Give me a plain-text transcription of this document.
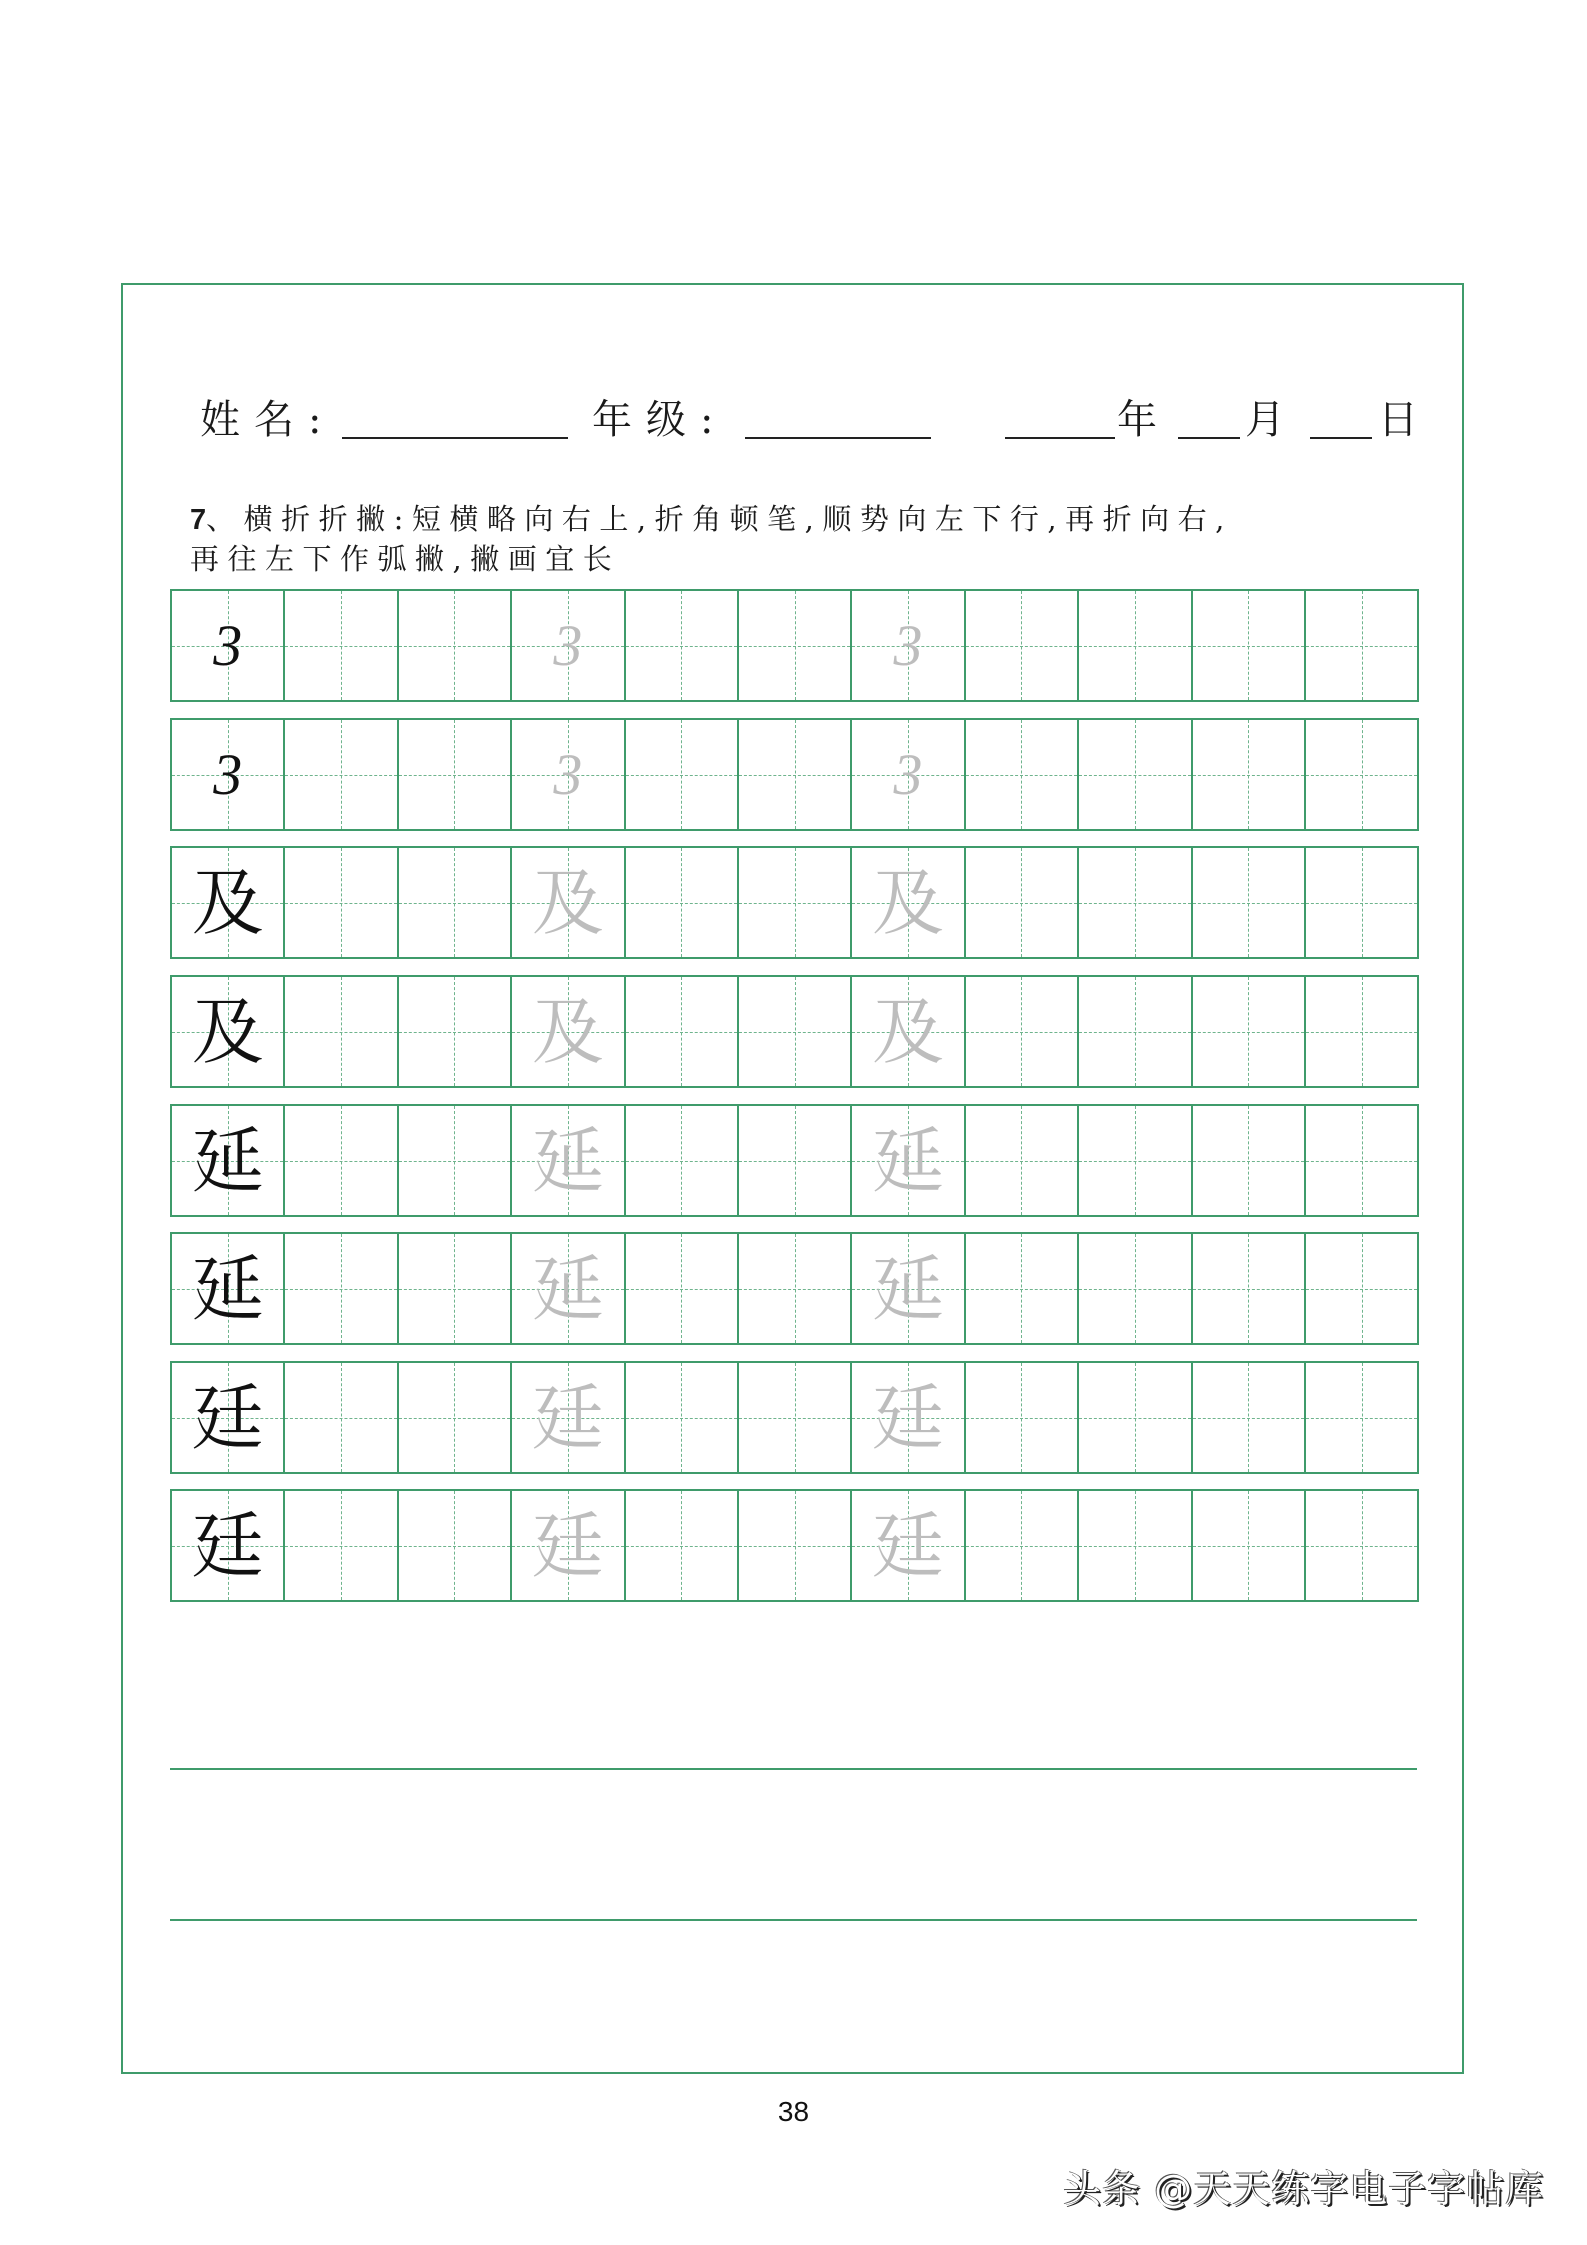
姓名:	年级:	年 月 日
7、横折折撇:短横略向右上,折角顿笔,顺势向左下行,再折向右,
再往左下作弧撇,撇画宜长
3	3	3
3	3	3
及	及	及
及	及	及
延	延	延
延	延	延
廷	廷	廷
廷	廷	廷
38
头条 @天天练字电子字帖库
